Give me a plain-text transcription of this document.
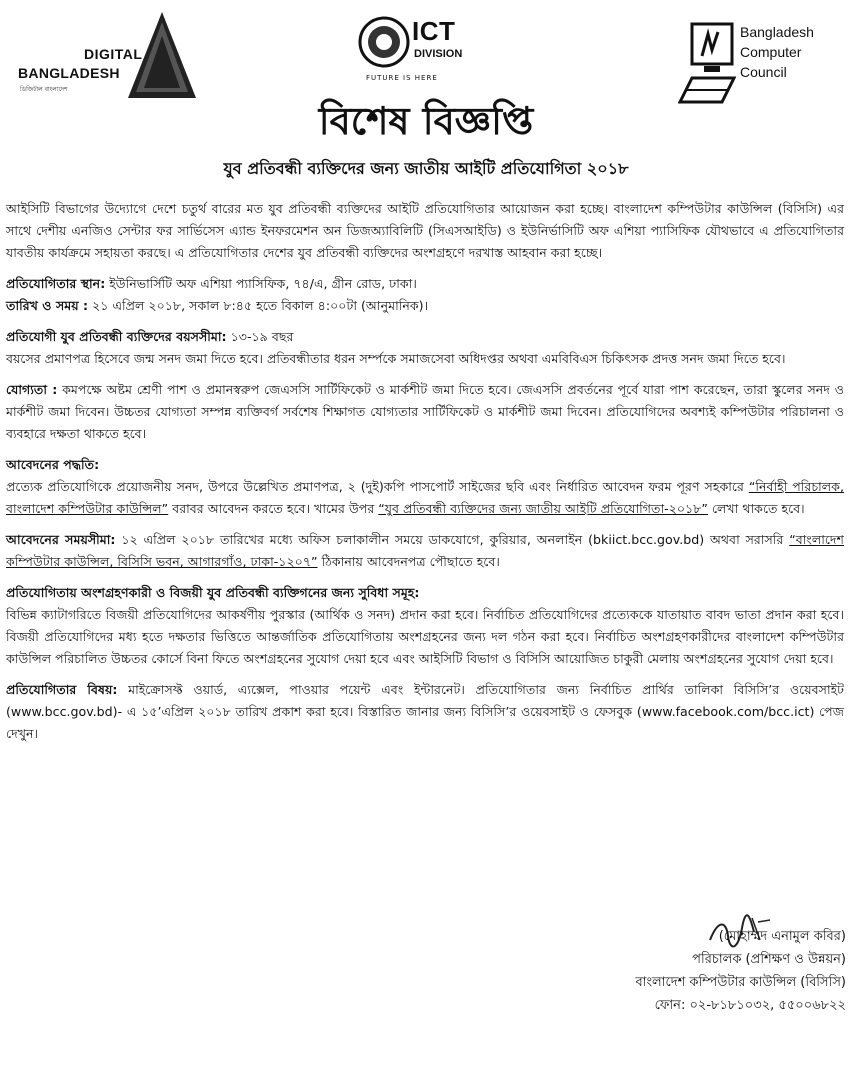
DIGITAL
BANGLADESH
ডিজিটাল বাংলাদেশ
ICT
DIVISION
FUTURE IS HERE
Bangladesh
Computer
Council
বিশেষ বিজ্ঞপ্তি
যুব প্রতিবন্ধী ব্যক্তিদের জন্য জাতীয় আইটি প্রতিযোগিতা ২০১৮

আইসিটি বিভাগের উদ্যোগে দেশে চতুর্থ বারের মত যুব প্রতিবন্ধী ব্যক্তিদের আইটি প্রতিযোগিতার আয়োজন করা হচ্ছে। বাংলাদেশ কম্পিউটার কাউন্সিল (বিসিসি) এর সাথে দেশীয় এনজিও সেন্টার ফর সার্ভিসেস এ্যান্ড ইনফরমেশন অন ডিজঅ্যাবিলিটি (সিএসআইডি) ও ইউনির্ভাসিটি অফ এশিয়া প্যাসিফিক যৌথভাবে এ প্রতিযোগিতার যাবতীয় কার্যক্রমে সহায়তা করছে। এ প্রতিযোগিতার দেশের যুব প্রতিবন্ধী ব্যক্তিদের অংশগ্রহণে দরখাস্ত আহবান করা হচ্ছে।

প্রতিযোগিতার স্থান: ইউনিভার্সিটি অফ এশিয়া প্যাসিফিক, ৭৪/এ, গ্রীন রোড, ঢাকা।

তারিখ ও সময় : ২১ এপ্রিল ২০১৮, সকাল ৮:৪৫ হতে বিকাল ৪:০০টা (আনুমানিক)।

প্রতিযোগী যুব প্রতিবন্ধী ব্যক্তিদের বয়সসীমা: ১৩-১৯ বছর

বয়সের প্রমাণপত্র হিসেবে জন্ম সনদ জমা দিতে হবে। প্রতিবন্ধীতার ধরন সর্ম্পকে সমাজসেবা অধিদপ্তর অথবা এমবিবিএস চিকিৎসক প্রদত্ত সনদ জমা দিতে হবে।

যোগ্যতা : কমপক্ষে অষ্টম শ্রেণী পাশ ও প্রমানস্বরুপ জেএসসি সার্টিফিকেট ও মার্কশীট জমা দিতে হবে। জেএসসি প্রবর্তনের পূর্বে যারা পাশ করেছেন, তারা স্কুলের সনদ ও মার্কশীট জমা দিবেন। উচ্চতর যোগ্যতা সম্পন্ন ব্যক্তিবর্গ সর্বশেষ শিক্ষাগত যোগ্যতার সার্টিফিকেট ও মার্কশীট জমা দিবেন। প্রতিযোগিদের অবশ্যই কম্পিউটার পরিচালনা ও ব্যবহারে দক্ষতা থাকতে হবে।

আবেদনের পদ্ধতি:

প্রত্যেক প্রতিযোগিকে প্রয়োজনীয় সনদ, উপরে উল্লেখিত প্রমাণপত্র, ২ (দুই)কপি পাসপোর্ট সাইজের ছবি এবং নির্ধারিত আবেদন ফরম পূরণ সহকারে “নির্বাহী পরিচালক, বাংলাদেশ কম্পিউটার কাউন্সিল” বরাবর আবেদন করতে হবে। খামের উপর “যুব প্রতিবন্ধী ব্যক্তিদের জন্য জাতীয় আইটি প্রতিযোগিতা-২০১৮” লেখা থাকতে হবে।

আবেদনের সময়সীমা: ১২ এপ্রিল ২০১৮ তারিখের মধ্যে অফিস চলাকালীন সময়ে ডাকযোগে, কুরিয়ার, অনলাইন (bkiict.bcc.gov.bd) অথবা সরাসরি “বাংলাদেশ কম্পিউটার কাউন্সিল, বিসিসি ভবন, আগারগাঁও, ঢাকা-১২০৭” ঠিকানায় আবেদনপত্র পৌছাতে হবে।

প্রতিযোগিতায় অংশগ্রহণকারী ও বিজয়ী যুব প্রতিবন্ধী ব্যক্তিগনের জন্য সুবিধা সমূহ:

বিভিন্ন ক্যাটাগরিতে বিজয়ী প্রতিযোগিদের আকর্ষণীয় পুরস্কার (আর্থিক ও সনদ) প্রদান করা হবে। নির্বাচিত প্রতিযোগিদের প্রত্যেককে যাতায়াত বাবদ ভাতা প্রদান করা হবে। বিজয়ী প্রতিযোগিদের মধ্য হতে দক্ষতার ভিত্তিতে আন্তর্জাতিক প্রতিযোগিতায় অংশগ্রহনের জন্য দল গঠন করা হবে। নির্বাচিত অংশগ্রহণকারীদের বাংলাদেশ কম্পিউটার কাউন্সিল পরিচালিত উচ্চতর কোর্সে বিনা ফিতে অংশগ্রহনের সুযোগ দেয়া হবে এবং আইসিটি বিভাগ ও বিসিসি আয়োজিত চাকুরী মেলায় অংশগ্রহনের সুযোগ দেয়া হবে।

প্রতিযোগিতার বিষয়: মাইক্রোসফ্ট ওয়ার্ড, এ্যক্সেল, পাওয়ার পয়েন্ট এবং ইন্টারনেট। প্রতিযোগিতার জন্য নির্বাচিত প্রার্থির তালিকা বিসিসি’র ওয়েবসাইট (www.bcc.gov.bd)- এ ১৫’এপ্রিল ২০১৮ তারিখ প্রকাশ করা হবে। বিস্তারিত জানার জন্য বিসিসি’র ওয়েবসাইট ও ফেসবুক (www.facebook.com/bcc.ict) পেজ দেখুন।

(মোহাম্মদ এনামুল কবির)
পরিচালক (প্রশিক্ষণ ও উন্নয়ন)
বাংলাদেশ কম্পিউটার কাউন্সিল (বিসিসি)
ফোন: ০২-৮১৮১০৩২, ৫৫০০৬৮২২
